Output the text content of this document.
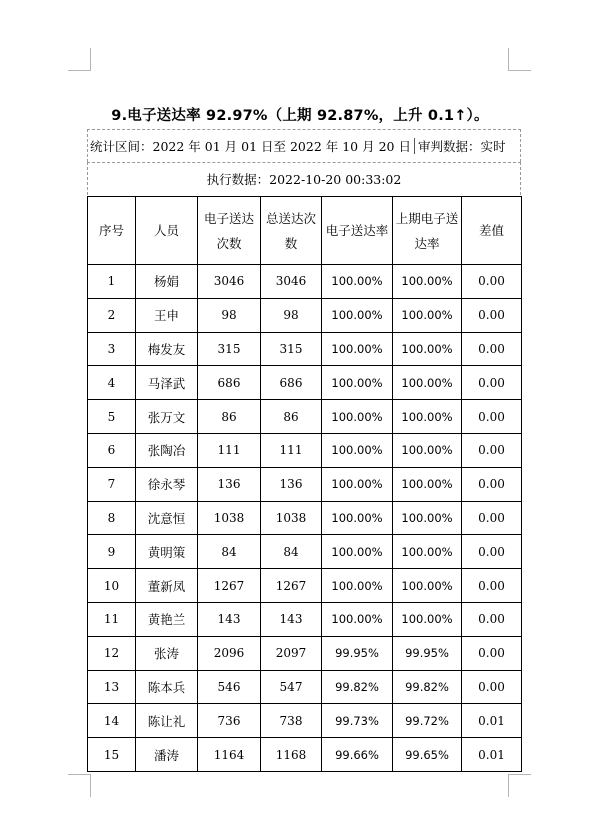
9.电子送达率 92.97%（上期 92.87%，上升 0.1↑）。
统计区间：2022 年 01 月 01 日至 2022 年 10 月 20 日 审判数据：实时
执行数据：2022-10-20 00:33:02
序号	人员	电子送达次数	总送达次数	电子送达率	上期电子送达率	差值
1	杨娟	3046	3046	100.00%	100.00%	0.00
2	王申	98	98	100.00%	100.00%	0.00
3	梅发友	315	315	100.00%	100.00%	0.00
4	马泽武	686	686	100.00%	100.00%	0.00
5	张万文	86	86	100.00%	100.00%	0.00
6	张陶冶	111	111	100.00%	100.00%	0.00
7	徐永琴	136	136	100.00%	100.00%	0.00
8	沈意恒	1038	1038	100.00%	100.00%	0.00
9	黄明策	84	84	100.00%	100.00%	0.00
10	董新凤	1267	1267	100.00%	100.00%	0.00
11	黄艳兰	143	143	100.00%	100.00%	0.00
12	张涛	2096	2097	99.95%	99.95%	0.00
13	陈本兵	546	547	99.82%	99.82%	0.00
14	陈让礼	736	738	99.73%	99.72%	0.01
15	潘涛	1164	1168	99.66%	99.65%	0.01
